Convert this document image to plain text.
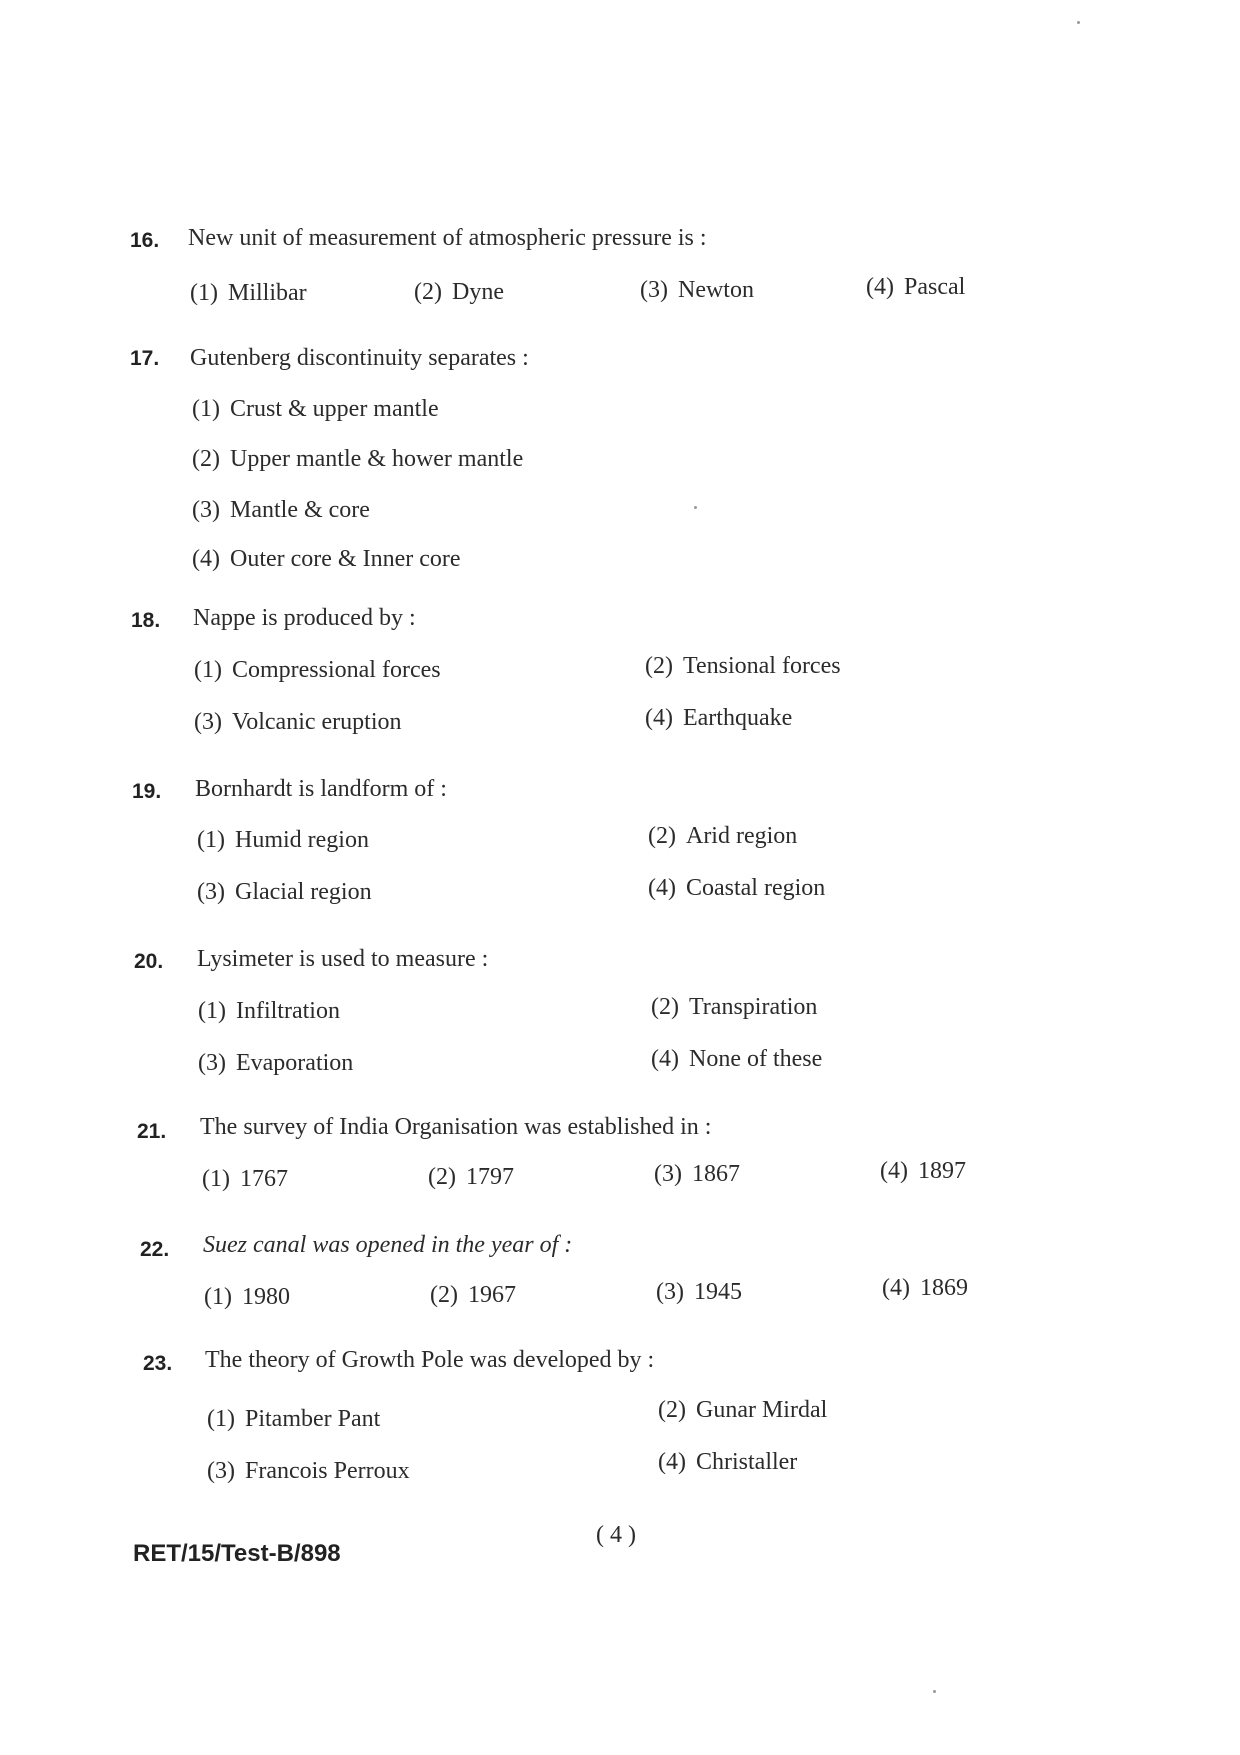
16. New unit of measurement of atmospheric pressure is :
(1) Millibar	(2) Dyne	(3) Newton	(4) Pascal
17. Gutenberg discontinuity separates :
(1) Crust & upper mantle
(2) Upper mantle & hower mantle
(3) Mantle & core
(4) Outer core & Inner core
18. Nappe is produced by :
(1) Compressional forces	(2) Tensional forces
(3) Volcanic eruption	(4) Earthquake
19. Bornhardt is landform of :
(1) Humid region	(2) Arid region
(3) Glacial region	(4) Coastal region
20. Lysimeter is used to measure :
(1) Infiltration	(2) Transpiration
(3) Evaporation	(4) None of these
21. The survey of India Organisation was established in :
(1) 1767	(2) 1797	(3) 1867	(4) 1897
22. Suez canal was opened in the year of :
(1) 1980	(2) 1967	(3) 1945	(4) 1869
23. The theory of Growth Pole was developed by :
(1) Pitamber Pant	(2) Gunar Mirdal
(3) Francois Perroux	(4) Christaller
( 4 )
RET/15/Test-B/898
